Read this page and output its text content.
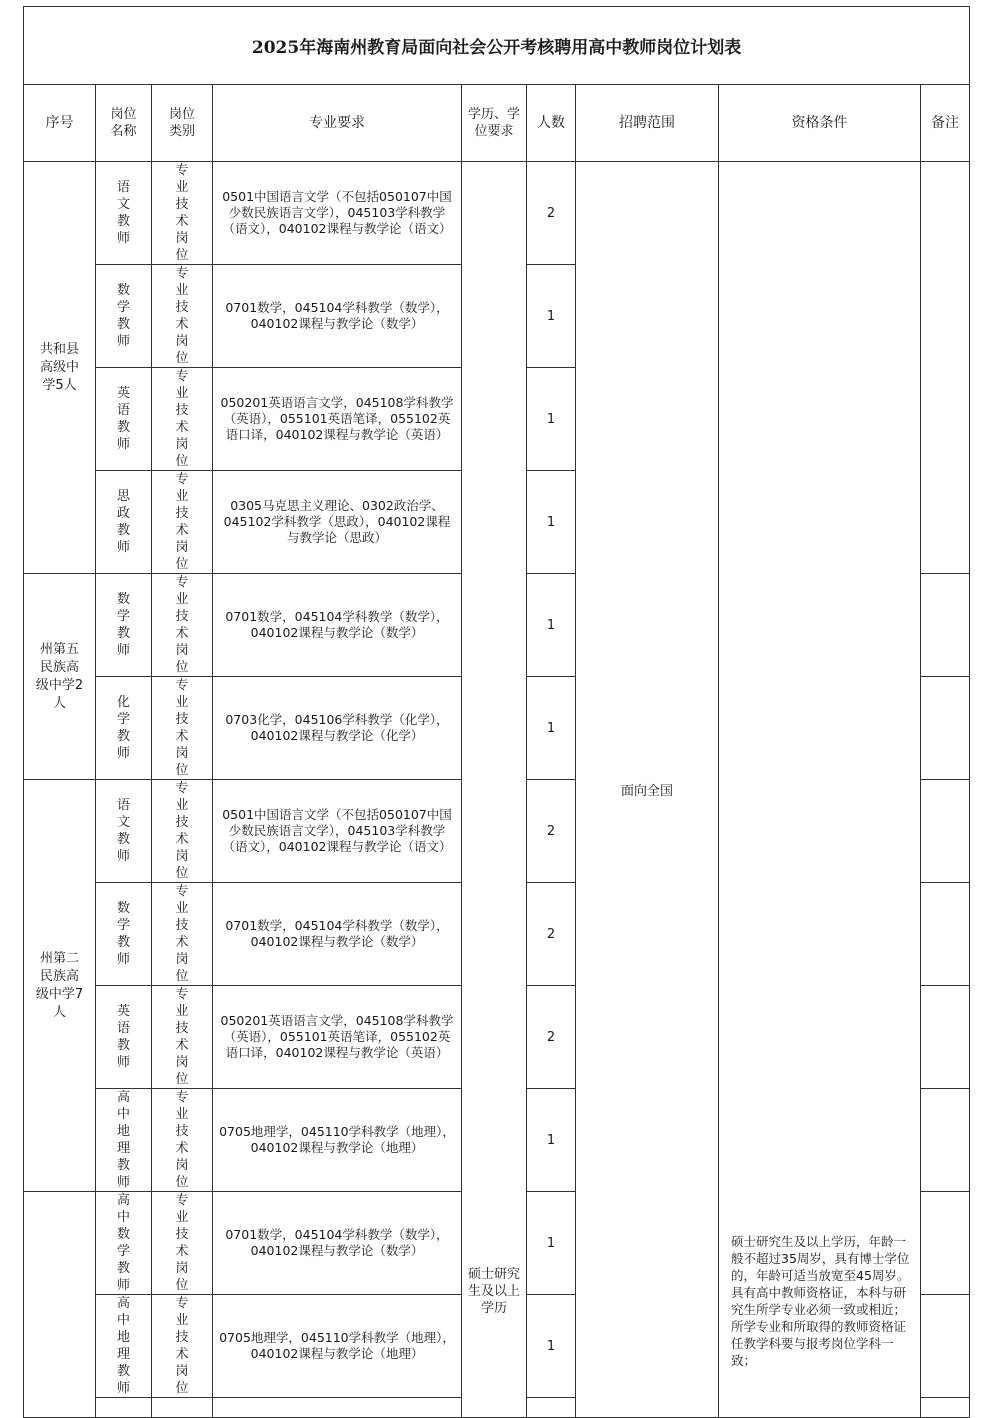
2025年海南州教育局面向社会公开考核聘用高中教师岗位计划表								
序号	岗位名称	岗位类别	专业要求	学历、学位要求	人数	招聘范围	资格条件	备注
共和县高级中学5人	语文教师	专业技术岗位	0501中国语言文学（不包括050107中国少数民族语言文学），045103学科教学（语文），040102课程与教学论（语文）	硕士研究生及以上学历	2	面向全国	硕士研究生及以上学历，年龄一般不超过35周岁，具有博士学位的，年龄可适当放宽至45周岁。具有高中教师资格证，本科与研究生所学专业必须一致或相近；所学专业和所取得的教师资格证任教学科要与报考岗位学科一致；	
	数学教师	专业技术岗位	0701数学，045104学科教学（数学），040102课程与教学论（数学）		1			
	英语教师	专业技术岗位	050201英语语言文学，045108学科教学（英语），055101英语笔译，055102英语口译，040102课程与教学论（英语）		1			
	思政教师	专业技术岗位	0305马克思主义理论、0302政治学、045102学科教学（思政），040102课程与教学论（思政）		1			
州第五民族高级中学2人	数学教师	专业技术岗位	0701数学，045104学科教学（数学），040102课程与教学论（数学）		1			
	化学教师	专业技术岗位	0703化学，045106学科教学（化学），040102课程与教学论（化学）		1			
州第二民族高级中学7人	语文教师	专业技术岗位	0501中国语言文学（不包括050107中国少数民族语言文学），045103学科教学（语文），040102课程与教学论（语文）		2			
	数学教师	专业技术岗位	0701数学，045104学科教学（数学），040102课程与教学论（数学）		2			
	英语教师	专业技术岗位	050201英语语言文学，045108学科教学（英语），055101英语笔译，055102英语口译，040102课程与教学论（英语）		2			
	高中地理教师	专业技术岗位	0705地理学，045110学科教学（地理），040102课程与教学论（地理）		1			
	高中数学教师	专业技术岗位	0701数学，045104学科教学（数学），040102课程与教学论（数学）		1			
	高中地理教师	专业技术岗位	0705地理学，045110学科教学（地理），040102课程与教学论（地理）		1			
